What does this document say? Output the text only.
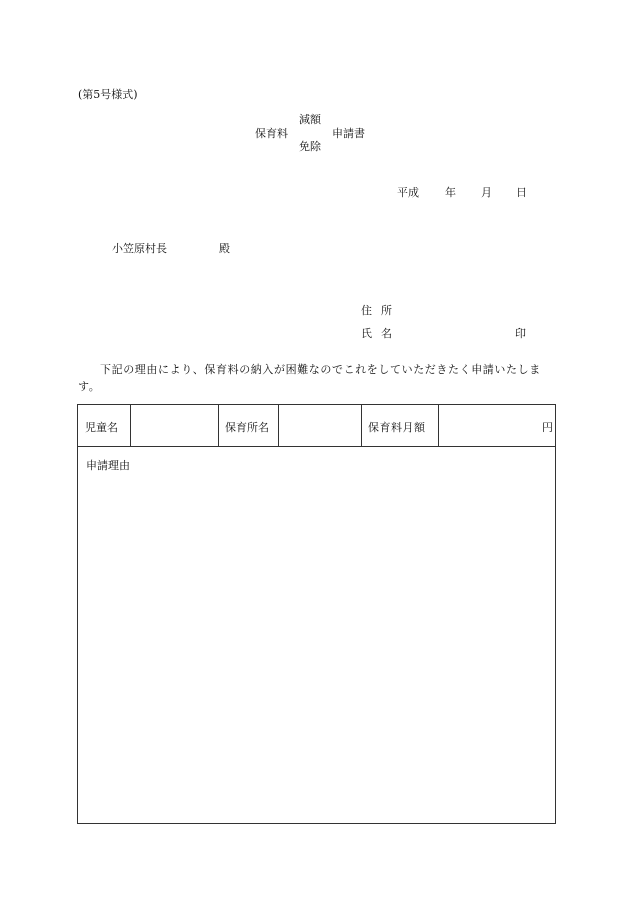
(第5号様式)
保育料
減額
免除
申請書
平成 年 月 日
小笠原村長	殿
住所
氏名	印
下記の理由により、保育料の納入が困難なのでこれをしていただきたく申請いたします。
児童名	保育所名	保育料月額	円
申請理由
